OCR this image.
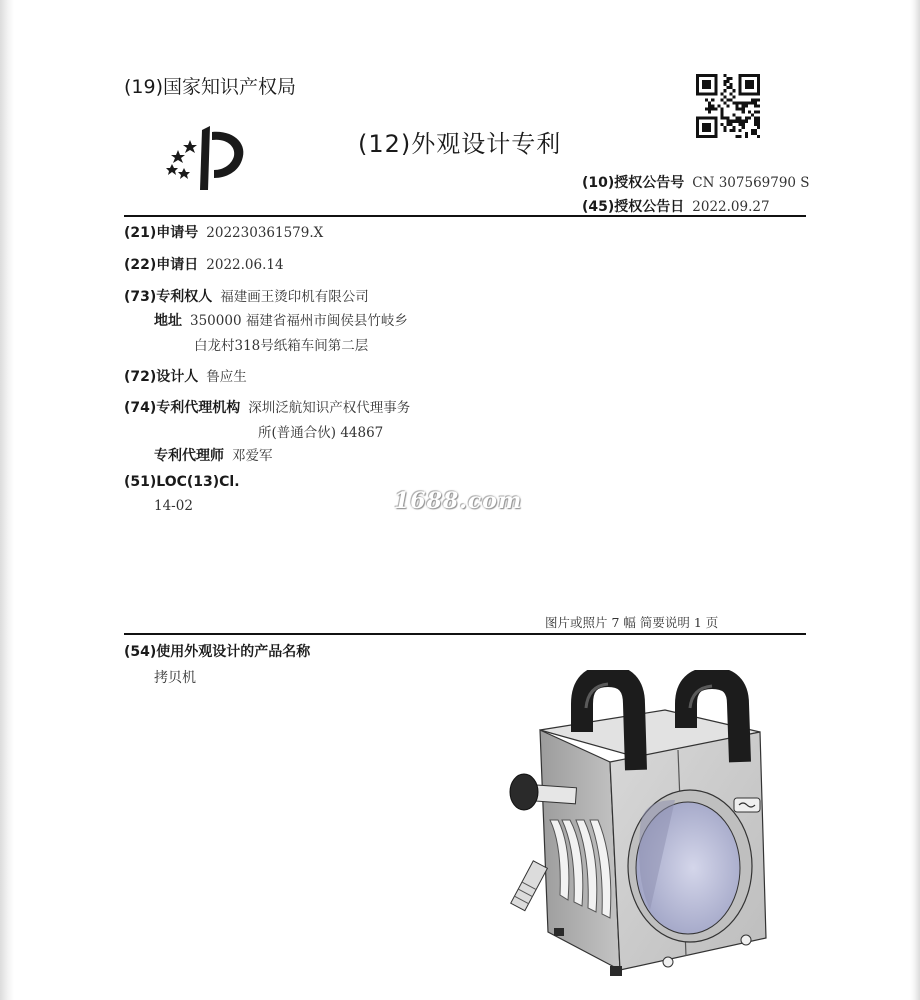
(19)国家知识产权局
(12)外观设计专利
(10)授权公告号 CN 307569790 S
(45)授权公告日 2022.09.27
(21)申请号 202230361579.X
(22)申请日 2022.06.14
(73)专利权人 福建画王烫印机有限公司
地址 350000 福建省福州市闽侯县竹岐乡
白龙村318号纸箱车间第二层
(72)设计人 鲁应生
(74)专利代理机构 深圳泛航知识产权代理事务
所(普通合伙) 44867
专利代理师 邓爱军
(51)LOC(13)Cl.
14-02	1688.com
图片或照片 7 幅 简要说明 1 页
(54)使用外观设计的产品名称
拷贝机
